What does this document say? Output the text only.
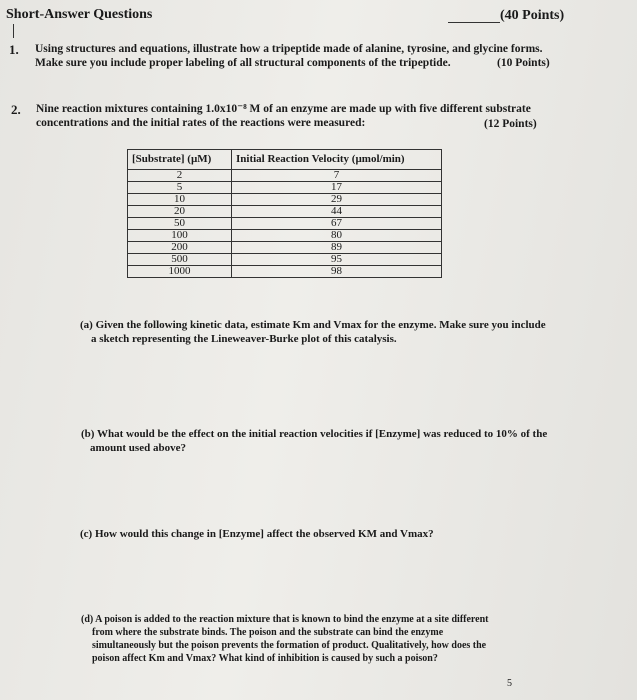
Short-Answer Questions	(40 Points)
1. Using structures and equations, illustrate how a tripeptide made of alanine, tyrosine, and glycine forms.
Make sure you include proper labeling of all structural components of the tripeptide.	(10 Points)
2. Nine reaction mixtures containing 1.0x10⁻⁸ M of an enzyme are made up with five different substrate
concentrations and the initial rates of the reactions were measured:	(12 Points)
[Substrate] (µM)	Initial Reaction Velocity (µmol/min)
2	7
5	17
10	29
20	44
50	67
100	80
200	89
500	95
1000	98
(a) Given the following kinetic data, estimate Km and Vmax for the enzyme. Make sure you include
a sketch representing the Lineweaver-Burke plot of this catalysis.
(b) What would be the effect on the initial reaction velocities if [Enzyme] was reduced to 10% of the
amount used above?
(c) How would this change in [Enzyme] affect the observed KM and Vmax?
(d) A poison is added to the reaction mixture that is known to bind the enzyme at a site different
from where the substrate binds. The poison and the substrate can bind the enzyme
simultaneously but the poison prevents the formation of product. Qualitatively, how does the
poison affect Km and Vmax? What kind of inhibition is caused by such a poison?
5
